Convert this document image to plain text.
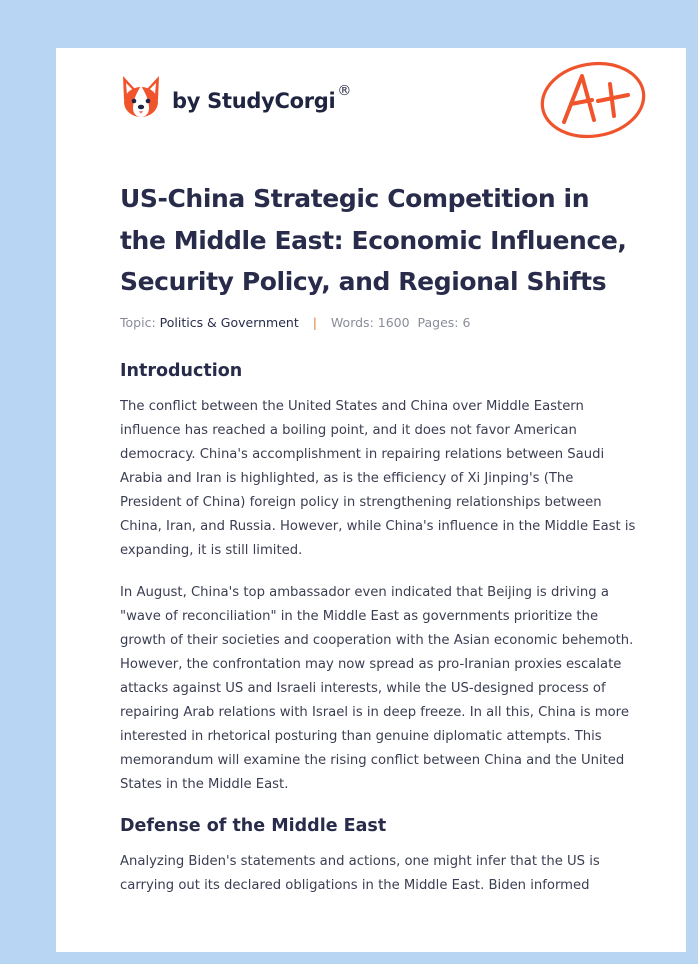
by StudyCorgi ®
A+
US-China Strategic Competition in the Middle East: Economic Influence, Security Policy, and Regional Shifts
Topic: Politics & Government | Words: 1600 Pages: 6
Introduction

The conflict between the United States and China over Middle Eastern influence has reached a boiling point, and it does not favor American democracy. China's accomplishment in repairing relations between Saudi Arabia and Iran is highlighted, as is the efficiency of Xi Jinping's (The President of China) foreign policy in strengthening relationships between China, Iran, and Russia. However, while China's influence in the Middle East is expanding, it is still limited.

In August, China's top ambassador even indicated that Beijing is driving a "wave of reconciliation" in the Middle East as governments prioritize the growth of their societies and cooperation with the Asian economic behemoth. However, the confrontation may now spread as pro-Iranian proxies escalate attacks against US and Israeli interests, while the US-designed process of repairing Arab relations with Israel is in deep freeze. In all this, China is more interested in rhetorical posturing than genuine diplomatic attempts. This memorandum will examine the rising conflict between China and the United States in the Middle East.

Defense of the Middle East

Analyzing Biden's statements and actions, one might infer that the US is carrying out its declared obligations in the Middle East. Biden informed
